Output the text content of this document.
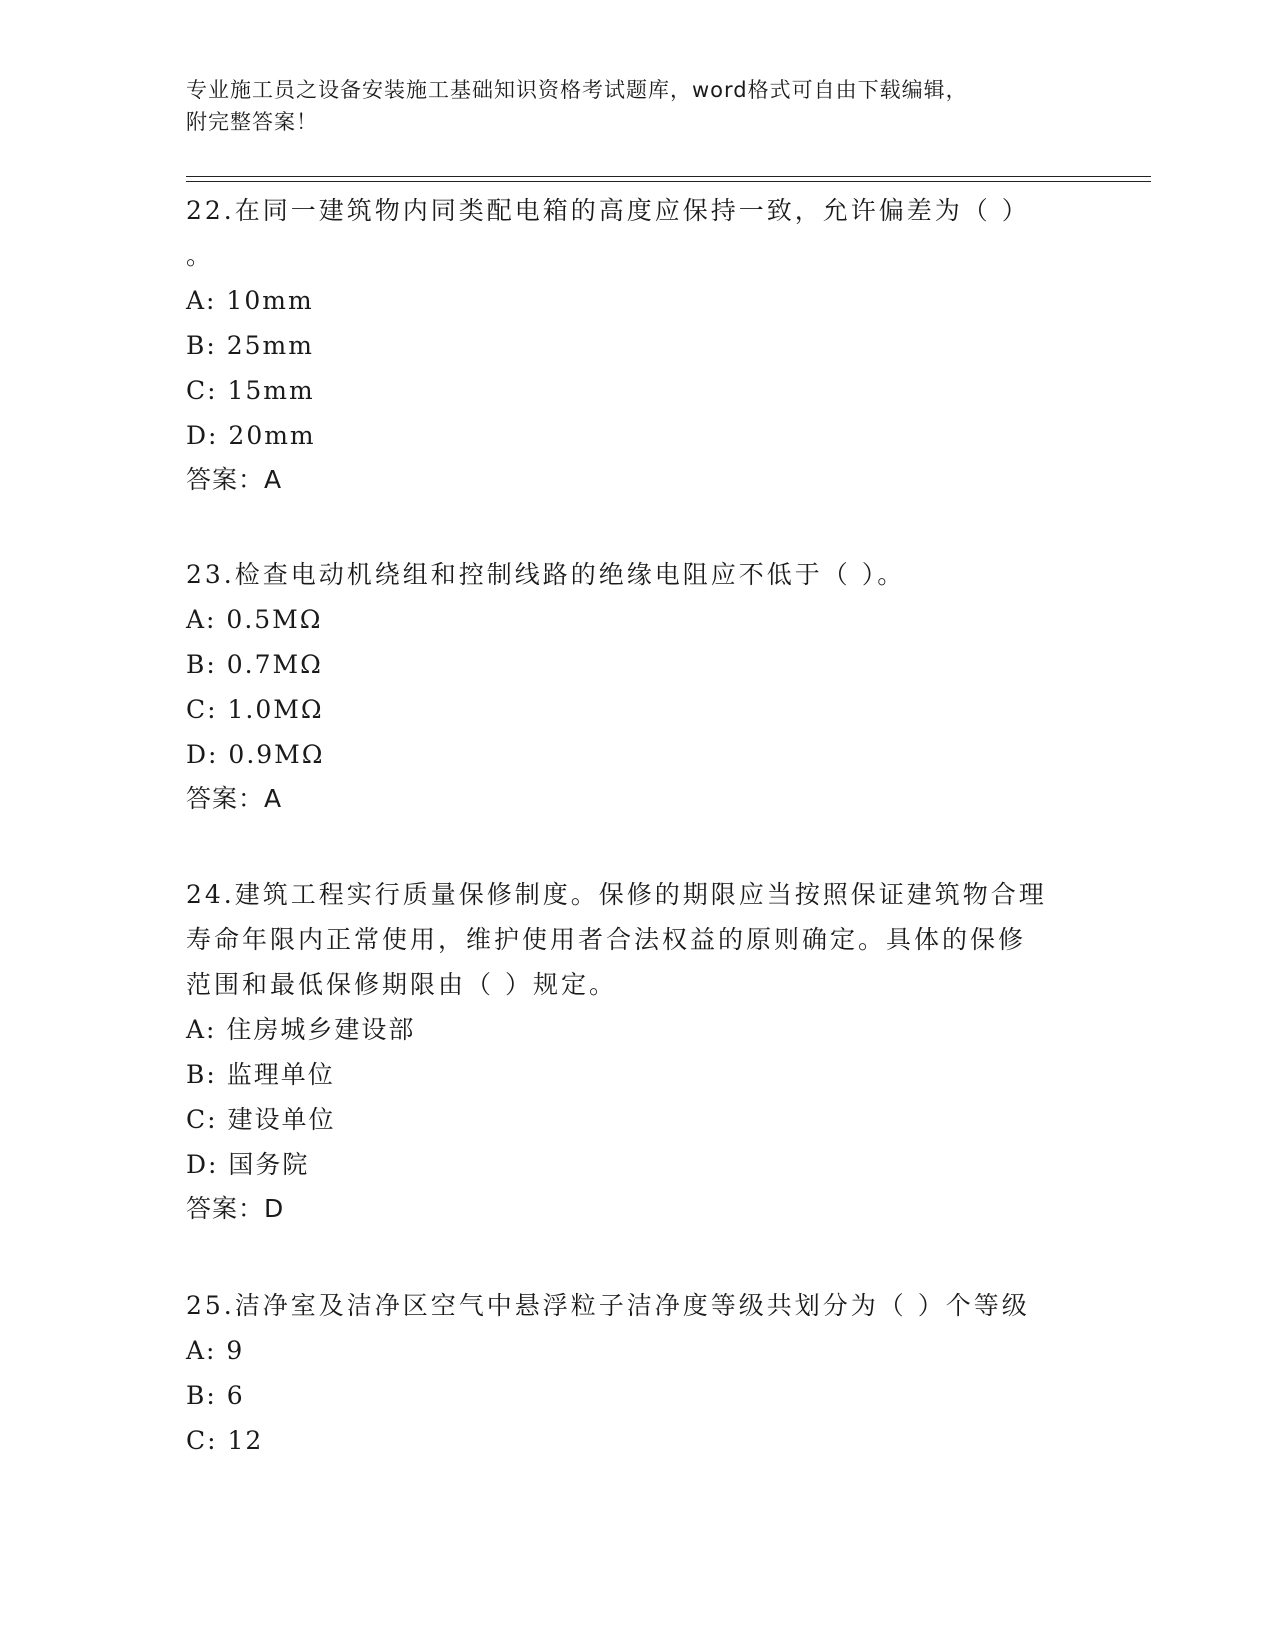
专业施工员之设备安装施工基础知识资格考试题库，word格式可自由下载编辑，
附完整答案！

22.在同一建筑物内同类配电箱的高度应保持一致，允许偏差为（ ）

。

A: 10mm

B: 25mm

C: 15mm

D: 20mm

答案：A

23.检查电动机绕组和控制线路的绝缘电阻应不低于（ ）。

A: 0.5MΩ

B: 0.7MΩ

C: 1.0MΩ

D: 0.9MΩ

答案：A

24.建筑工程实行质量保修制度。保修的期限应当按照保证建筑物合理

寿命年限内正常使用，维护使用者合法权益的原则确定。具体的保修

范围和最低保修期限由（ ）规定。

A: 住房城乡建设部

B: 监理单位

C: 建设单位

D: 国务院

答案：D

25.洁净室及洁净区空气中悬浮粒子洁净度等级共划分为（ ）个等级

A: 9

B: 6

C: 12
